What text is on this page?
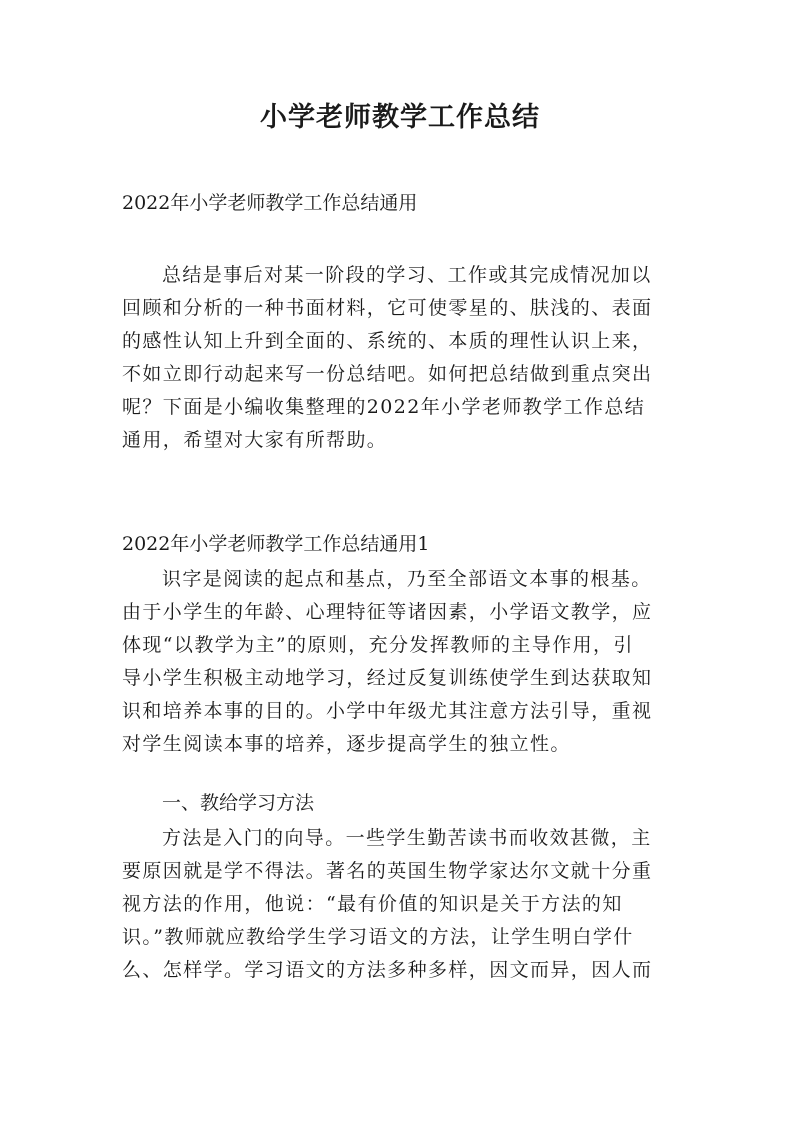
小学老师教学工作总结

2022年小学老师教学工作总结通用

总结是事后对某一阶段的学习、工作或其完成情况加以
回顾和分析的一种书面材料，它可使零星的、肤浅的、表面
的感性认知上升到全面的、系统的、本质的理性认识上来，
不如立即行动起来写一份总结吧。如何把总结做到重点突出
呢？下面是小编收集整理的2022年小学老师教学工作总结
通用，希望对大家有所帮助。

2022年小学老师教学工作总结通用1

识字是阅读的起点和基点，乃至全部语文本事的根基。
由于小学生的年龄、心理特征等诸因素，小学语文教学，应
体现“以教学为主”的原则，充分发挥教师的主导作用，引
导小学生积极主动地学习，经过反复训练使学生到达获取知
识和培养本事的目的。小学中年级尤其注意方法引导，重视
对学生阅读本事的培养，逐步提高学生的独立性。

一、教给学习方法

方法是入门的向导。一些学生勤苦读书而收效甚微，主
要原因就是学不得法。著名的英国生物学家达尔文就十分重
视方法的作用，他说：“最有价值的知识是关于方法的知
识。”教师就应教给学生学习语文的方法，让学生明白学什
么、怎样学。学习语文的方法多种多样，因文而异，因人而
